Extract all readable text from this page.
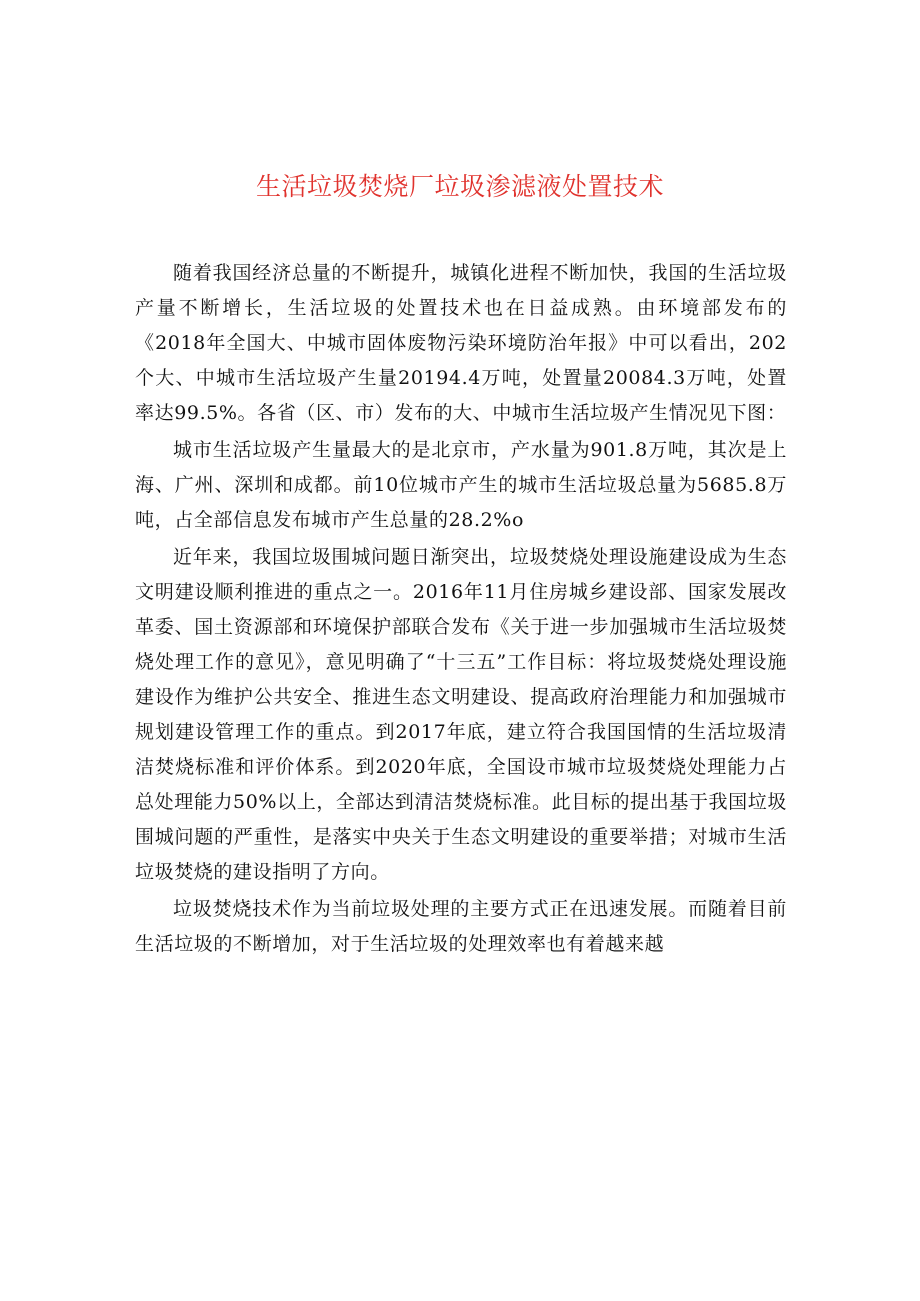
生活垃圾焚烧厂垃圾渗滤液处置技术

随着我国经济总量的不断提升，城镇化进程不断加快，我国的生活垃圾产量不断增长，生活垃圾的处置技术也在日益成熟。由环境部发布的《2018年全国大、中城市固体废物污染环境防治年报》中可以看出，202个大、中城市生活垃圾产生量20194.4万吨，处置量20084.3万吨，处置率达99.5%。各省（区、市）发布的大、中城市生活垃圾产生情况见下图：

城市生活垃圾产生量最大的是北京市，产水量为901.8万吨，其次是上海、广州、深圳和成都。前10位城市产生的城市生活垃圾总量为5685.8万吨，占全部信息发布城市产生总量的28.2%o

近年来，我国垃圾围城问题日渐突出，垃圾焚烧处理设施建设成为生态文明建设顺利推进的重点之一。2016年11月住房城乡建设部、国家发展改革委、国土资源部和环境保护部联合发布《关于进一步加强城市生活垃圾焚烧处理工作的意见》，意见明确了“十三五”工作目标：将垃圾焚烧处理设施建设作为维护公共安全、推进生态文明建设、提高政府治理能力和加强城市规划建设管理工作的重点。到2017年底，建立符合我国国情的生活垃圾清洁焚烧标准和评价体系。到2020年底，全国设市城市垃圾焚烧处理能力占总处理能力50%以上，全部达到清洁焚烧标准。此目标的提出基于我国垃圾围城问题的严重性，是落实中央关于生态文明建设的重要举措；对城市生活垃圾焚烧的建设指明了方向。

垃圾焚烧技术作为当前垃圾处理的主要方式正在迅速发展。而随着目前生活垃圾的不断增加，对于生活垃圾的处理效率也有着越来越
